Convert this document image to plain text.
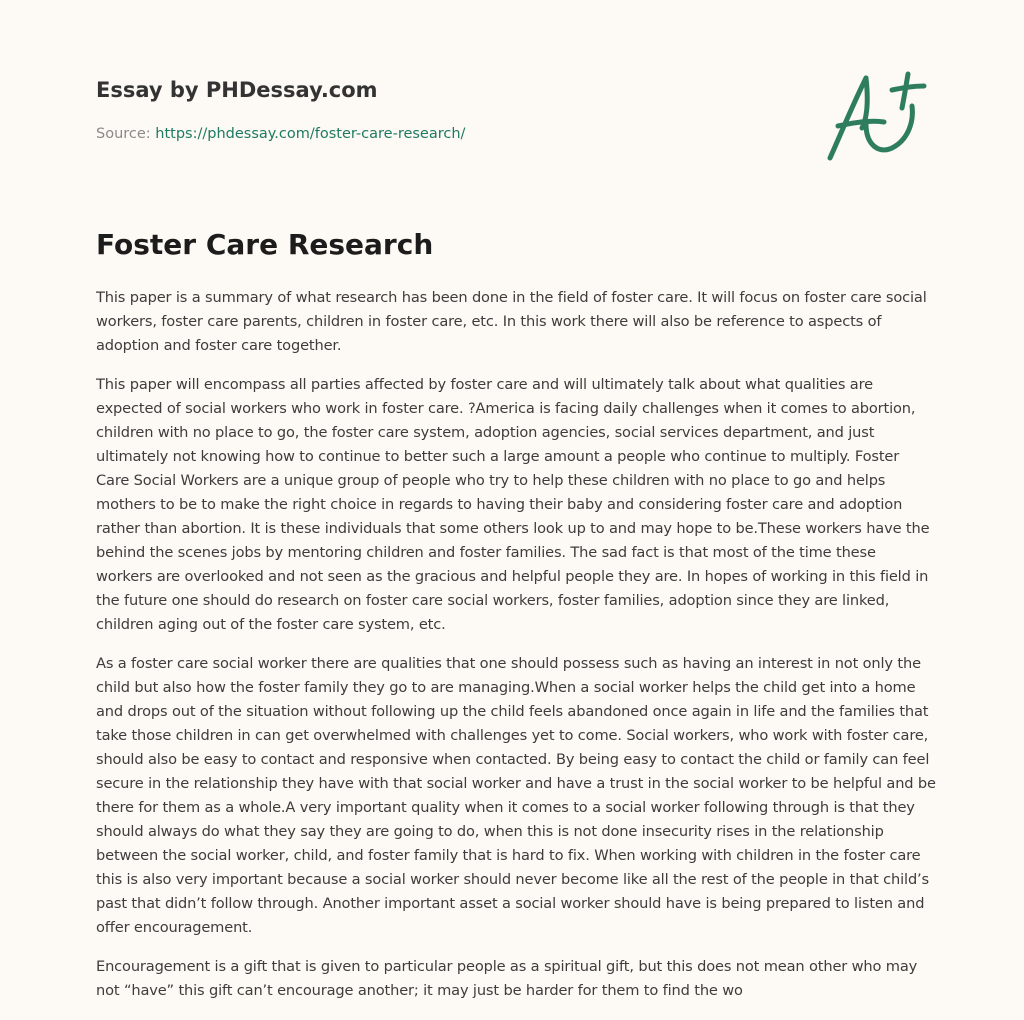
Essay by PHDessay.com
Source: https://phdessay.com/foster-care-research/
Foster Care Research

This paper is a summary of what research has been done in the field of foster care. It will focus on foster care social workers, foster care parents, children in foster care, etc. In this work there will also be reference to aspects of adoption and foster care together.

This paper will encompass all parties affected by foster care and will ultimately talk about what qualities are expected of social workers who work in foster care. ?America is facing daily challenges when it comes to abortion, children with no place to go, the foster care system, adoption agencies, social services department, and just ultimately not knowing how to continue to better such a large amount a people who continue to multiply. Foster Care Social Workers are a unique group of people who try to help these children with no place to go and helps mothers to be to make the right choice in regards to having their baby and considering foster care and adoption rather than abortion. It is these individuals that some others look up to and may hope to be.These workers have the behind the scenes jobs by mentoring children and foster families. The sad fact is that most of the time these workers are overlooked and not seen as the gracious and helpful people they are. In hopes of working in this field in the future one should do research on foster care social workers, foster families, adoption since they are linked, children aging out of the foster care system, etc.

As a foster care social worker there are qualities that one should possess such as having an interest in not only the child but also how the foster family they go to are managing.When a social worker helps the child get into a home and drops out of the situation without following up the child feels abandoned once again in life and the families that take those children in can get overwhelmed with challenges yet to come. Social workers, who work with foster care, should also be easy to contact and responsive when contacted. By being easy to contact the child or family can feel secure in the relationship they have with that social worker and have a trust in the social worker to be helpful and be there for them as a whole.A very important quality when it comes to a social worker following through is that they should always do what they say they are going to do, when this is not done insecurity rises in the relationship between the social worker, child, and foster family that is hard to fix. When working with children in the foster care this is also very important because a social worker should never become like all the rest of the people in that child’s past that didn’t follow through. Another important asset a social worker should have is being prepared to listen and offer encouragement.

Encouragement is a gift that is given to particular people as a spiritual gift, but this does not mean other who may not “have” this gift can’t encourage another; it may just be harder for them to find the wo
